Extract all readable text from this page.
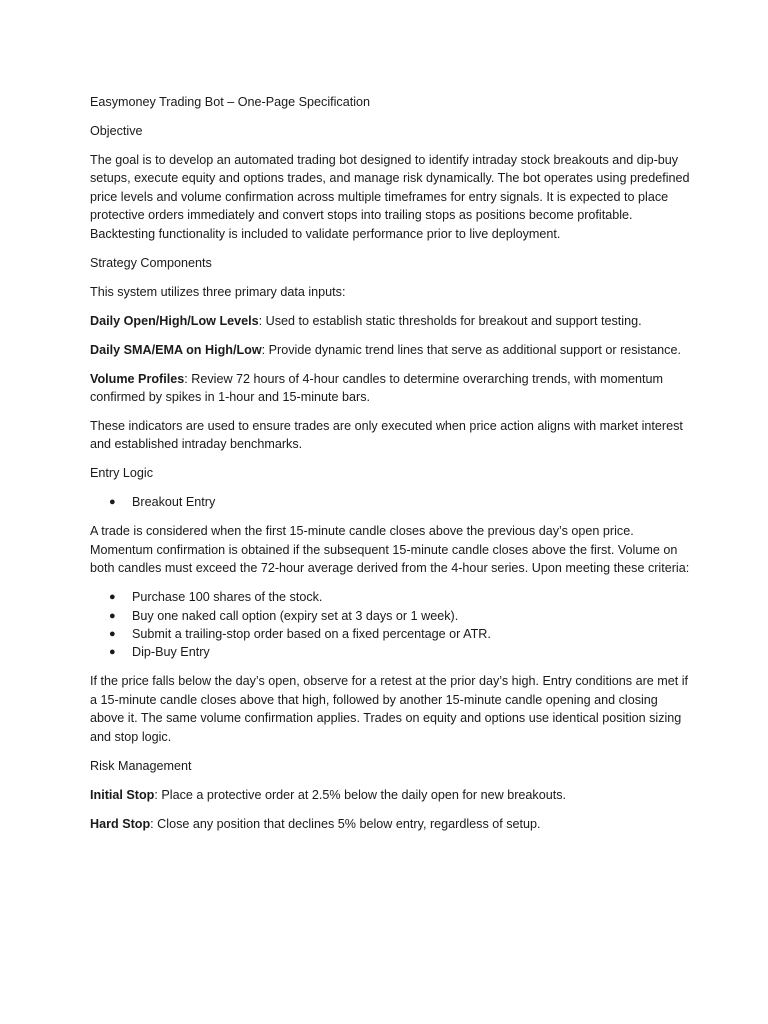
Easymoney Trading Bot – One-Page Specification

Objective

The goal is to develop an automated trading bot designed to identify intraday stock breakouts and dip-buy setups, execute equity and options trades, and manage risk dynamically. The bot operates using predefined price levels and volume confirmation across multiple timeframes for entry signals. It is expected to place protective orders immediately and convert stops into trailing stops as positions become profitable. Backtesting functionality is included to validate performance prior to live deployment.

Strategy Components

This system utilizes three primary data inputs:

Daily Open/High/Low Levels: Used to establish static thresholds for breakout and support testing.

Daily SMA/EMA on High/Low: Provide dynamic trend lines that serve as additional support or resistance.

Volume Profiles: Review 72 hours of 4-hour candles to determine overarching trends, with momentum confirmed by spikes in 1-hour and 15-minute bars.

These indicators are used to ensure trades are only executed when price action aligns with market interest and established intraday benchmarks.

Entry Logic

● Breakout Entry

A trade is considered when the first 15-minute candle closes above the previous day’s open price. Momentum confirmation is obtained if the subsequent 15-minute candle closes above the first. Volume on both candles must exceed the 72-hour average derived from the 4-hour series. Upon meeting these criteria:

● Purchase 100 shares of the stock.
● Buy one naked call option (expiry set at 3 days or 1 week).
● Submit a trailing-stop order based on a fixed percentage or ATR.
● Dip-Buy Entry

If the price falls below the day’s open, observe for a retest at the prior day’s high. Entry conditions are met if a 15-minute candle closes above that high, followed by another 15-minute candle opening and closing above it. The same volume confirmation applies. Trades on equity and options use identical position sizing and stop logic.

Risk Management

Initial Stop: Place a protective order at 2.5% below the daily open for new breakouts.

Hard Stop: Close any position that declines 5% below entry, regardless of setup.
